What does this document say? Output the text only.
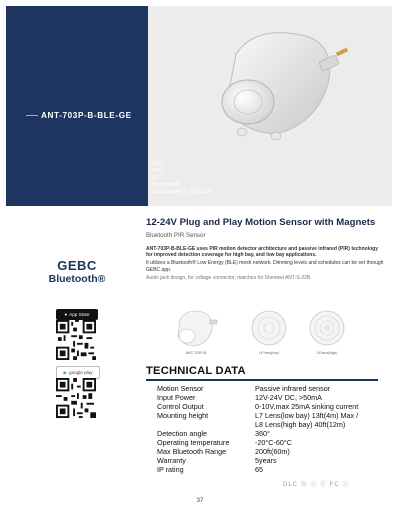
ANT-703P-B-BLE-GE
FCC
ETL
DLC
Bluetooth®
Declaration ID: D062134
12-24V Plug and Play Motion Sensor with Magnets
Bluetooth PIR Sensor

ANT-703P-B-BLE-GE uses PIR motion detector architecture and passive infrared (PIR) technology for improved detection coverage for high bay, and low bay applications.

It utilizes a Bluetooth® Low Energy (BLE) mesh network. Dimming levels and schedules can be set through GEBC app.

Audio jack design, for voltage connector, matches for Shenwei ANT-S-22B.

GEBC
Bluetooth®
● App Store
▶ google play
ANT-703P-B	LP lens(low)	L8 lens(high)
TECHNICAL DATA
Motion Sensor	Passive infrared sensor
Input Power	12V-24V DC, >50mA
Control Output	0-10V,max 25mA sinking current
Mounting height	L7 Lens(low bay) 13ft(4m) Max /
L8 Lens(high bay) 40ft(12m)
Detection angle	360°
Operating temperature	-20°C-60°C
Max Bluetooth Range	200ft(60m)
Warranty	5years
IP rating	65
DLC ⓑ ⓔ ⓕ FC ⓒ
37
